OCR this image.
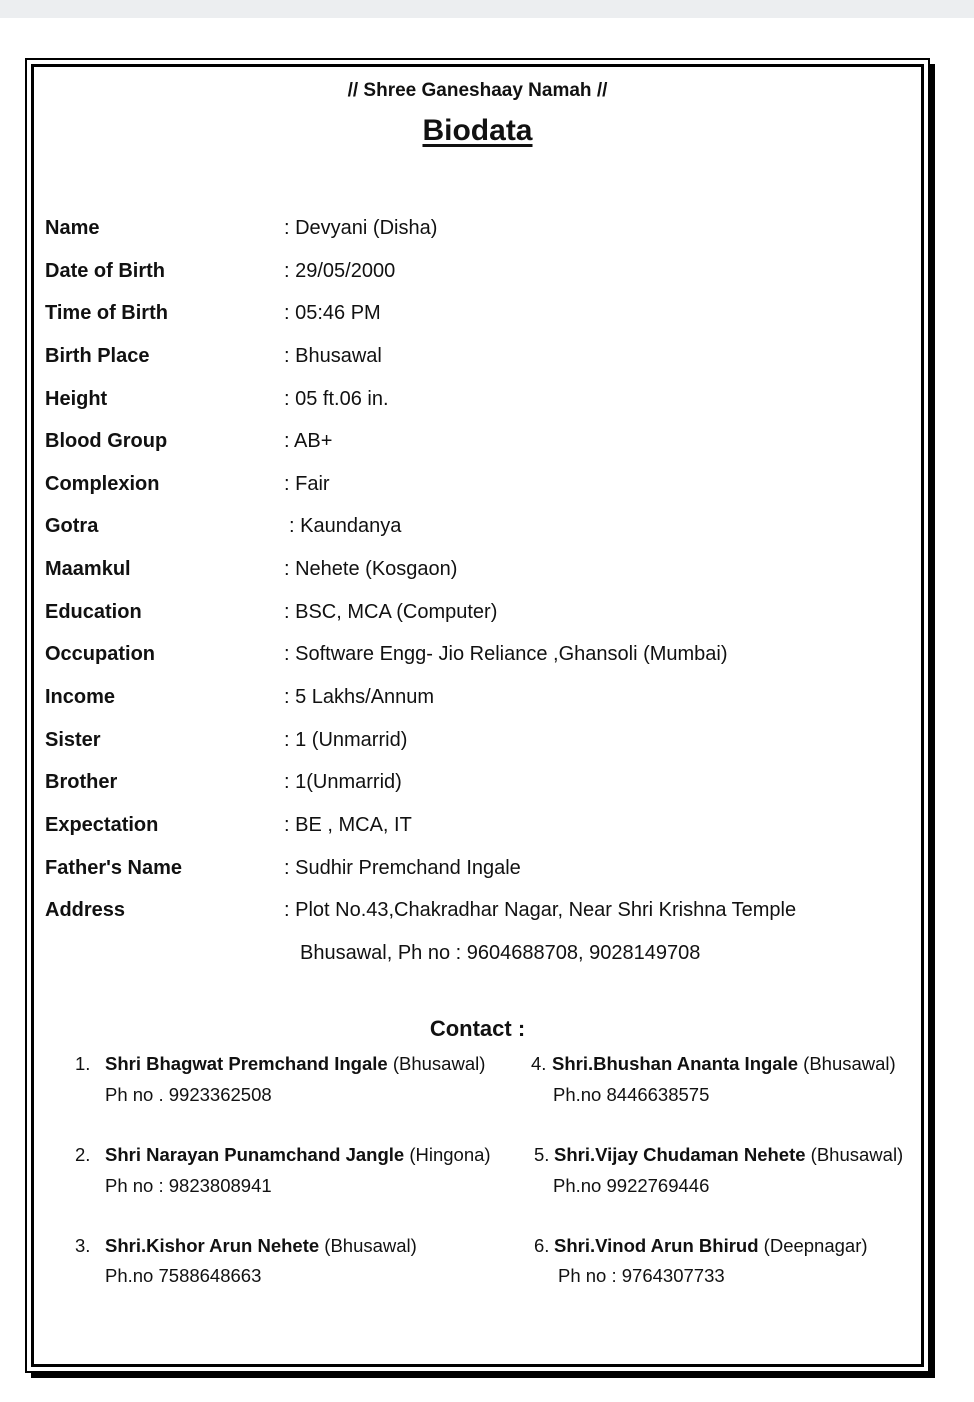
// Shree Ganeshaay Namah //
Biodata
Name	: Devyani (Disha)
Date of Birth	: 29/05/2000
Time of Birth	: 05:46 PM
Birth Place	: Bhusawal
Height	: 05 ft.06 in.
Blood Group	: AB+
Complexion	: Fair
Gotra	: Kaundanya
Maamkul	: Nehete (Kosgaon)
Education	: BSC, MCA (Computer)
Occupation	: Software Engg- Jio Reliance ,Ghansoli (Mumbai)
Income	: 5 Lakhs/Annum
Sister	: 1 (Unmarrid)
Brother	: 1(Unmarrid)
Expectation	: BE , MCA, IT
Father's Name	: Sudhir Premchand Ingale
Address	: Plot No.43,Chakradhar Nagar, Near Shri Krishna Temple
Bhusawal, Ph no : 9604688708, 9028149708
Contact :
1. Shri Bhagwat Premchand Ingale (Bhusawal)
Ph no . 9923362508
2. Shri Narayan Punamchand Jangle (Hingona)
Ph no : 9823808941
3. Shri.Kishor Arun Nehete (Bhusawal)
Ph.no 7588648663
4. Shri.Bhushan Ananta Ingale (Bhusawal)
Ph.no 8446638575
5. Shri.Vijay Chudaman Nehete (Bhusawal)
Ph.no 9922769446
6. Shri.Vinod Arun Bhirud (Deepnagar)
Ph no : 9764307733
